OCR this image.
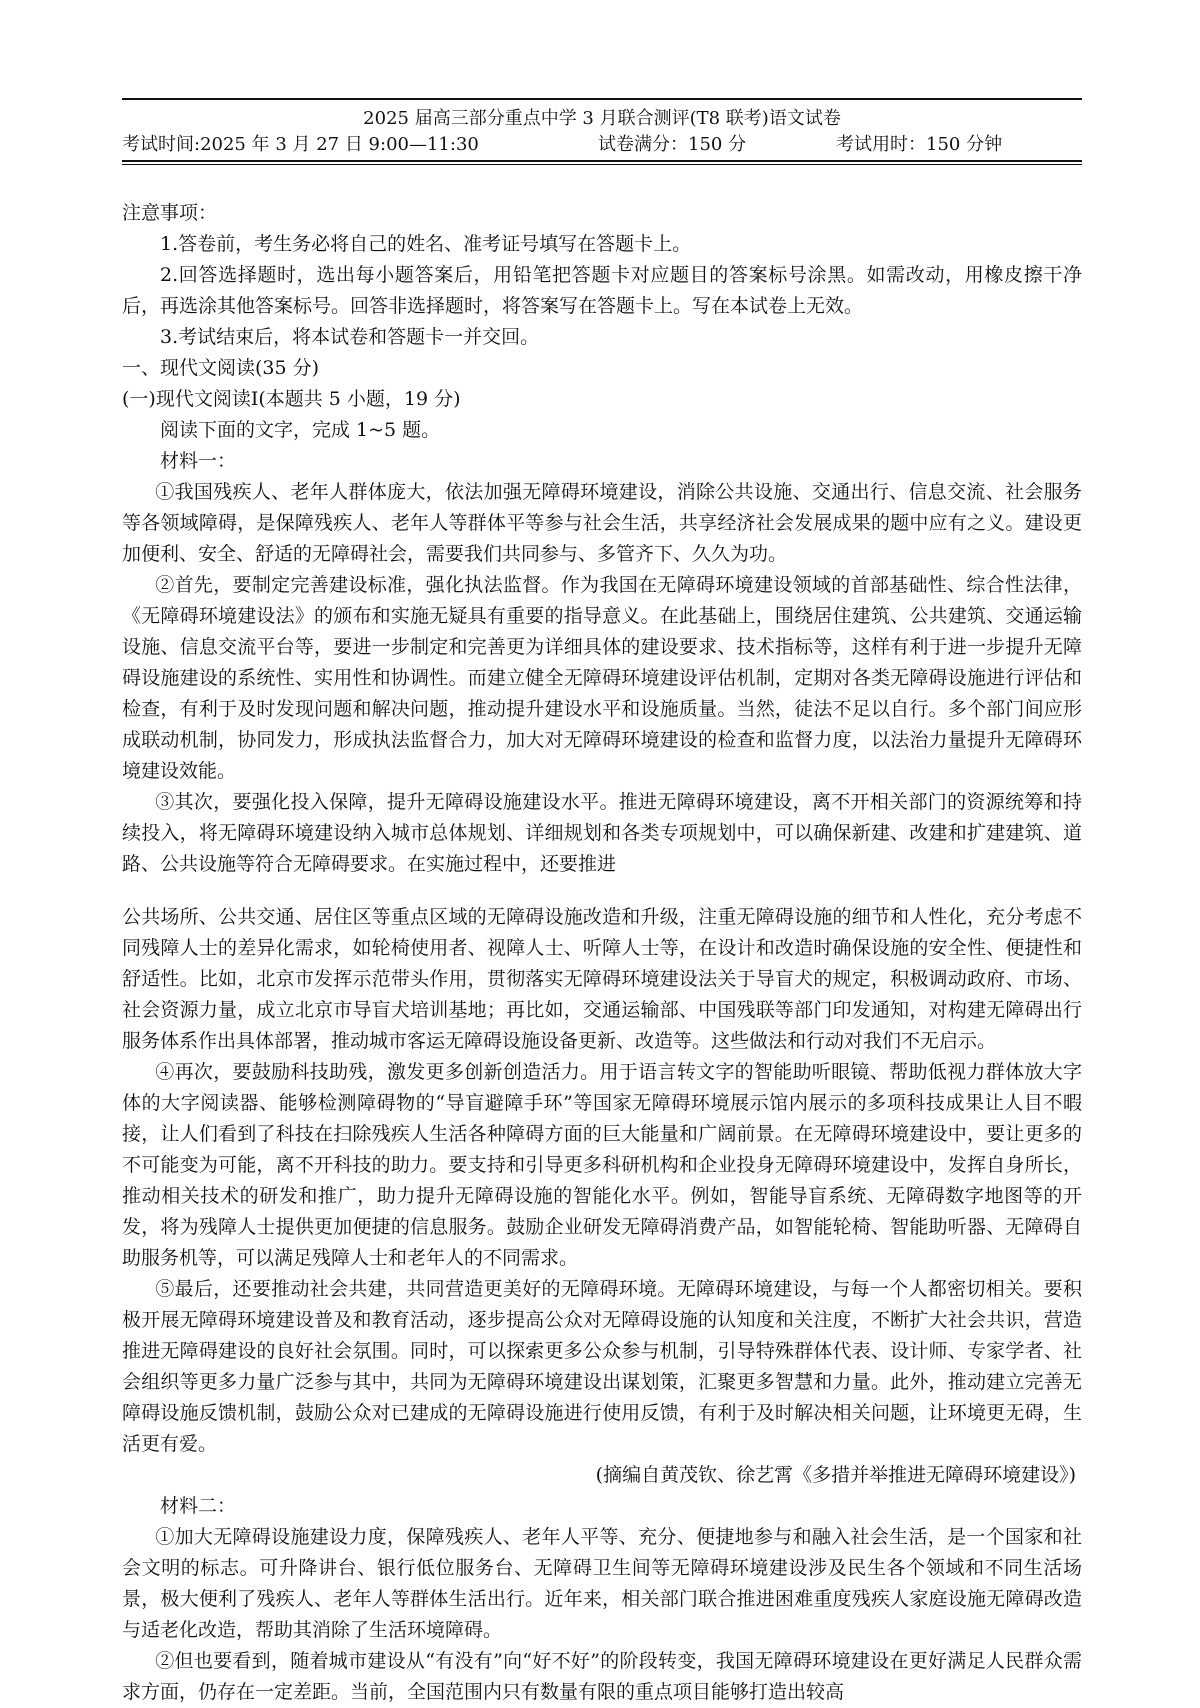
2025 届高三部分重点中学 3 月联合测评(T8 联考)语文试卷
考试时间:2025 年 3 月 27 日 9:00—11:30	试卷满分：150 分	考试用时：150 分钟

注意事项：

1.答卷前，考生务必将自己的姓名、准考证号填写在答题卡上。

2.回答选择题时，选出每小题答案后，用铅笔把答题卡对应题目的答案标号涂黑。如需改动，用橡皮擦干净后，再选涂其他答案标号。回答非选择题时，将答案写在答题卡上。写在本试卷上无效。

3.考试结束后，将本试卷和答题卡一并交回。

一、现代文阅读(35 分)

(一)现代文阅读Ⅰ(本题共 5 小题，19 分)

阅读下面的文字，完成 1~5 题。

材料一：

①我国残疾人、老年人群体庞大，依法加强无障碍环境建设，消除公共设施、交通出行、信息交流、社会服务等各领域障碍，是保障残疾人、老年人等群体平等参与社会生活，共享经济社会发展成果的题中应有之义。建设更加便利、安全、舒适的无障碍社会，需要我们共同参与、多管齐下、久久为功。

②首先，要制定完善建设标准，强化执法监督。作为我国在无障碍环境建设领域的首部基础性、综合性法律，《无障碍环境建设法》的颁布和实施无疑具有重要的指导意义。在此基础上，围绕居住建筑、公共建筑、交通运输设施、信息交流平台等，要进一步制定和完善更为详细具体的建设要求、技术指标等，这样有利于进一步提升无障碍设施建设的系统性、实用性和协调性。而建立健全无障碍环境建设评估机制，定期对各类无障碍设施进行评估和检查，有利于及时发现问题和解决问题，推动提升建设水平和设施质量。当然，徒法不足以自行。多个部门间应形成联动机制，协同发力，形成执法监督合力，加大对无障碍环境建设的检查和监督力度，以法治力量提升无障碍环境建设效能。

③其次，要强化投入保障，提升无障碍设施建设水平。推进无障碍环境建设，离不开相关部门的资源统筹和持续投入，将无障碍环境建设纳入城市总体规划、详细规划和各类专项规划中，可以确保新建、改建和扩建建筑、道路、公共设施等符合无障碍要求。在实施过程中，还要推进

公共场所、公共交通、居住区等重点区域的无障碍设施改造和升级，注重无障碍设施的细节和人性化，充分考虑不同残障人士的差异化需求，如轮椅使用者、视障人士、听障人士等，在设计和改造时确保设施的安全性、便捷性和舒适性。比如，北京市发挥示范带头作用，贯彻落实无障碍环境建设法关于导盲犬的规定，积极调动政府、市场、社会资源力量，成立北京市导盲犬培训基地；再比如，交通运输部、中国残联等部门印发通知，对构建无障碍出行服务体系作出具体部署，推动城市客运无障碍设施设备更新、改造等。这些做法和行动对我们不无启示。

④再次，要鼓励科技助残，激发更多创新创造活力。用于语言转文字的智能助听眼镜、帮助低视力群体放大字体的大字阅读器、能够检测障碍物的“导盲避障手环”等国家无障碍环境展示馆内展示的多项科技成果让人目不暇接，让人们看到了科技在扫除残疾人生活各种障碍方面的巨大能量和广阔前景。在无障碍环境建设中，要让更多的不可能变为可能，离不开科技的助力。要支持和引导更多科研机构和企业投身无障碍环境建设中，发挥自身所长，推动相关技术的研发和推广，助力提升无障碍设施的智能化水平。例如，智能导盲系统、无障碍数字地图等的开发，将为残障人士提供更加便捷的信息服务。鼓励企业研发无障碍消费产品，如智能轮椅、智能助听器、无障碍自助服务机等，可以满足残障人士和老年人的不同需求。

⑤最后，还要推动社会共建，共同营造更美好的无障碍环境。无障碍环境建设，与每一个人都密切相关。要积极开展无障碍环境建设普及和教育活动，逐步提高公众对无障碍设施的认知度和关注度，不断扩大社会共识，营造推进无障碍建设的良好社会氛围。同时，可以探索更多公众参与机制，引导特殊群体代表、设计师、专家学者、社会组织等更多力量广泛参与其中，共同为无障碍环境建设出谋划策，汇聚更多智慧和力量。此外，推动建立完善无障碍设施反馈机制，鼓励公众对已建成的无障碍设施进行使用反馈，有利于及时解决相关问题，让环境更无碍，生活更有爱。

(摘编自黄茂钦、徐艺霄《多措并举推进无障碍环境建设》)

材料二：

①加大无障碍设施建设力度，保障残疾人、老年人平等、充分、便捷地参与和融入社会生活，是一个国家和社会文明的标志。可升降讲台、银行低位服务台、无障碍卫生间等无障碍环境建设涉及民生各个领域和不同生活场景，极大便利了残疾人、老年人等群体生活出行。近年来，相关部门联合推进困难重度残疾人家庭设施无障碍改造与适老化改造，帮助其消除了生活环境障碍。

②但也要看到，随着城市建设从“有没有”向“好不好”的阶段转变，我国无障碍环境建设在更好满足人民群众需求方面，仍存在一定差距。当前，全国范围内只有数量有限的重点项目能够打造出较高
